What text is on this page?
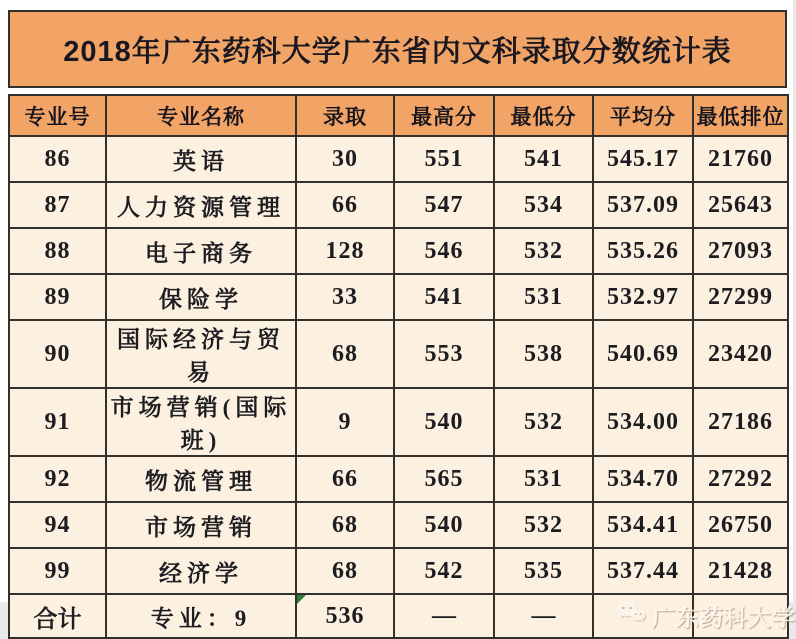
2018年广东药科大学广东省内文科录取分数统计表
专业号	专业名称	录取	最高分	最低分	平均分	最低排位
86	英语	30	551	541	545.17	21760
87	人力资源管理	66	547	534	537.09	25643
88	电子商务	128	546	532	535.26	27093
89	保险学	33	541	531	532.97	27299
90	国际经济与贸易	68	553	538	540.69	23420
91	市场营销(国际班)	9	540	532	534.00	27186
92	物流管理	66	565	531	534.70	27292
94	市场营销	68	540	532	534.41	26750
99	经济学	68	542	535	537.44	21428
合计	专业：9	536	—	—	广东药科大学	
